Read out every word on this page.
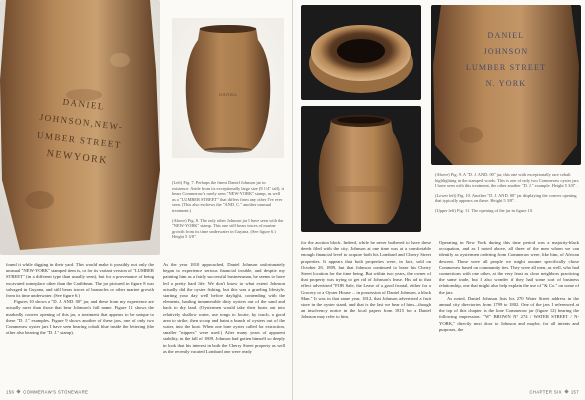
DANIEL
JOHNSON,NEW-
UMBER STREET
NEWYORK
DANIEL

(Left) Fig. 7. Perhaps the finest Daniel Johnson jar in existence. Aside from its exceptionally large size (8 1/4" tall), it bears Commeraw's rarely seen "NEW-YORK" stamp, as well as a "LUMBER STREET" that differs from any other I've ever seen. (This also eschews the "AND. C." another unusual treatment.)

(Above) Fig. 8. The only other Johnson jar I have seen with the "NEW-YORK" stamp. This one still bears traces of marine growth from its time underwater in Guyana. (See figure 6.) Height 5 3/8".

found it while digging in their yard. This would make it possibly not only the unusual "NEW-YORK" stamped item is, or for its variant version of "LUMBER STREET" (in a different type than usually seen), but for a provenance of being excavated someplace other than the Caribbean. The jar pictured in figure 8 was salvaged in Guyana, and still bears traces of barnacles or other marine growth from its time underwater. (See figure 6.)

Figures 10 shows a "D. J. AND. 00" jar, and these from my experience are actually rarer than those that bear Johnson's full name. Figure 11 shows the markedly convex opening of this jar, a treatment that appears to be unique to these "D. J." examples. Figure 9 shows another of these jars, one of only two Commeraw oyster jars I have seen bearing cobalt blue inside the lettering (the other also bearing the "D. J." stamp).

As the year 1810 approached, Daniel Johnson unfortunately began to experience serious financial trouble, and despite my painting him as a fairly successful businessman, he seems to have led a pretty hard life. We don't know to what extent Johnson actually did the oyster fishing, but this was a grueling lifestyle, starting your day well before daylight, contending with the elements, hauling innumerable dirty oysters out of the sand and back to dry land. (Oystermen would take their boats out into relatively shallow water, use tongs to locate, by touch, a good area to strike, then scoop and haint a bunch of oysters out of the water, into the boat. When one lone oyster called for extraction, smaller "nippers" were used.) After many years of apparent stability, in the fall of 1809, Johnson had gotten himself so deeply in look that his interest in both the Cherry Street property as well as the recently vacated Lombard one were ready

156 COMMERAW'S STONEWARE
DANIEL
JOHNSON
LUMBER STREET
N. YORK

(Above) Fig. 9. A "D. J. AND. 00" jar, this one with exceptionally rare cobalt highlighting in the stamped words. This is one of only two Commeraw oyster jars I have seen with this treatment, the other another "D. J." example. Height 5 3/8".

(Lower left) Fig. 10. Another "D. J. AND. 00" jar displaying the convex opening that typically appears on these. Height 5 3/8".

(Upper left) Fig. 11. The opening of the jar in figure 10.

for the auction block. Indeed, while he never bothered to have these deeds filed with the city, Johnson at one time was at a comfortable enough financial level to acquire both his Lombard and Cherry Street properties. It appears that both properties were, in fact, sold on October 28, 1809, but that Johnson continued to lease his Cherry Street location for the time being. But within two years, the owner of that property was trying to get rid of Johnson's lease. His ad to that effect advertised "FOR Sale, the Lease of a good frontal, either for a Grocery or a Oyster House ... in possession of Daniel Johnson, a black Man." It was in that same year, 1812, that Johnson advertised a fruit store in the oyster stand, and that is the last we hear of him—though an insolvency notice in the local papers from 1815 for a Daniel Johnson may refer to him.

Operating in New York during this time period was a majority-black occupation, and as I noted above, all three of the men whom we can identify as oystermen ordering from Commeraw were, like him, of African descent. Those were all people we might assume specifically chose Commeraw based on community ties. They were all men, as well, who had connections with one other, at the very least as close neighbors practicing the same trade, but I also wonder if they had some sort of business relationship, one that might also help explain the use of "& Co." on some of the jars.

As noted, Daniel Johnson lists his 270 Water Street address in the annual city directories from 1799 to 1802. One of the jars I referenced at the top of this chapter is the lone Commeraw jar (figure 12) bearing the following impression: "W" BROWN N° 274 / WATER STREET / N-YORK," directly next door to Johnson and maybe, for all intents and purposes, the

CHAPTER SIX 157
